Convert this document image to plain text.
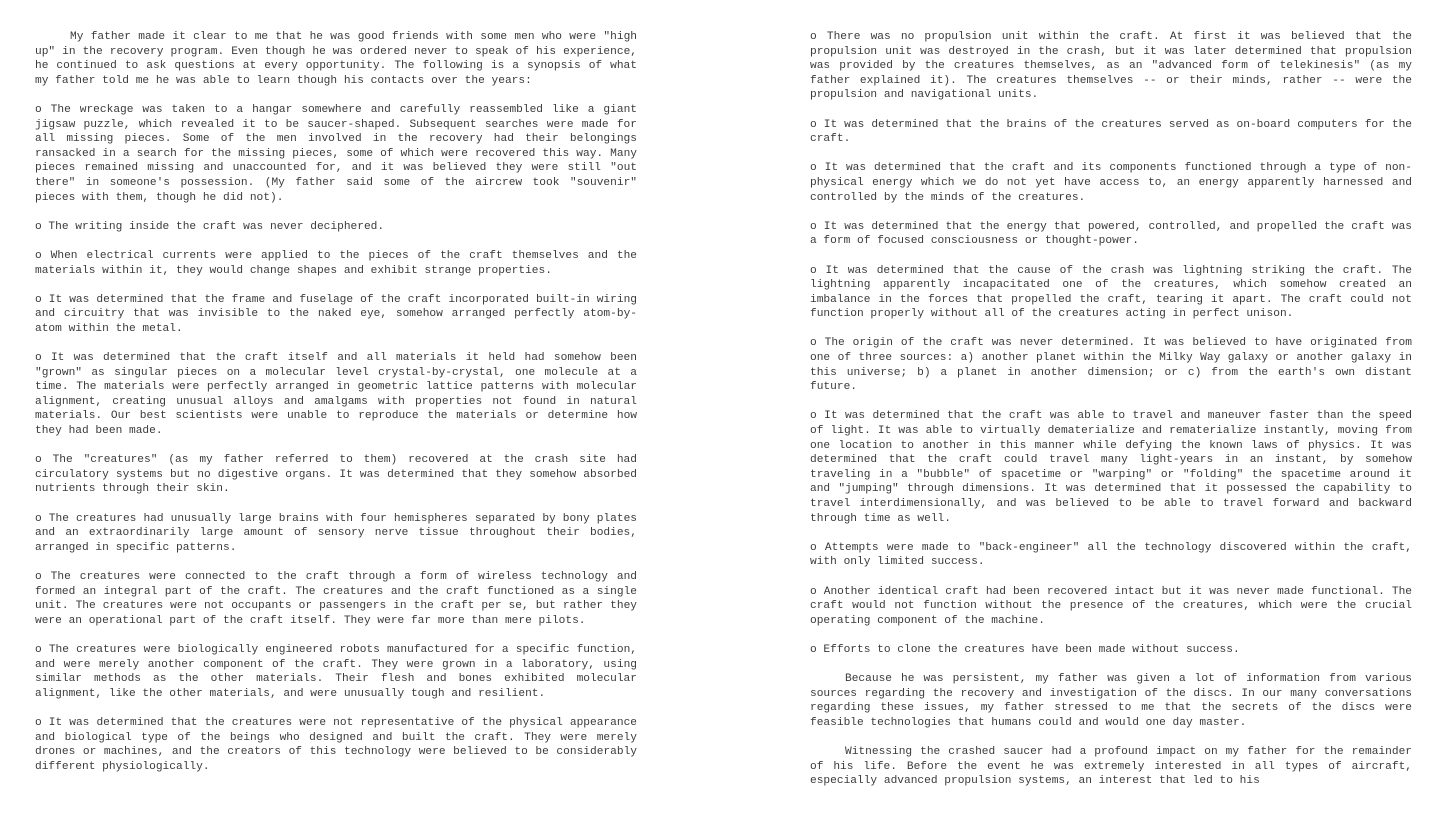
My father made it clear to me that he was good friends with some men who were "high up" in the recovery program. Even though he was ordered never to speak of his experience, he continued to ask questions at every opportunity. The following is a synopsis of what my father told me he was able to learn though his contacts over the years:

o The wreckage was taken to a hangar somewhere and carefully reassembled like a giant jigsaw puzzle, which revealed it to be saucer-shaped. Subsequent searches were made for all missing pieces. Some of the men involved in the recovery had their belongings ransacked in a search for the missing pieces, some of which were recovered this way. Many pieces remained missing and unaccounted for, and it was believed they were still "out there" in someone's possession. (My father said some of the aircrew took "souvenir" pieces with them, though he did not).

o The writing inside the craft was never deciphered.

o When electrical currents were applied to the pieces of the craft themselves and the materials within it, they would change shapes and exhibit strange properties.

o It was determined that the frame and fuselage of the craft incorporated built-in wiring and circuitry that was invisible to the naked eye, somehow arranged perfectly atom-by-atom within the metal.

o It was determined that the craft itself and all materials it held had somehow been "grown" as singular pieces on a molecular level crystal-by-crystal, one molecule at a time. The materials were perfectly arranged in geometric lattice patterns with molecular alignment, creating unusual alloys and amalgams with properties not found in natural materials. Our best scientists were unable to reproduce the materials or determine how they had been made.

o The "creatures" (as my father referred to them) recovered at the crash site had circulatory systems but no digestive organs. It was determined that they somehow absorbed nutrients through their skin.

o The creatures had unusually large brains with four hemispheres separated by bony plates and an extraordinarily large amount of sensory nerve tissue throughout their bodies, arranged in specific patterns.

o The creatures were connected to the craft through a form of wireless technology and formed an integral part of the craft. The creatures and the craft functioned as a single unit. The creatures were not occupants or passengers in the craft per se, but rather they were an operational part of the craft itself. They were far more than mere pilots.

o The creatures were biologically engineered robots manufactured for a specific function, and were merely another component of the craft. They were grown in a laboratory, using similar methods as the other materials. Their flesh and bones exhibited molecular alignment, like the other materials, and were unusually tough and resilient.

o It was determined that the creatures were not representative of the physical appearance and biological type of the beings who designed and built the craft. They were merely drones or machines, and the creators of this technology were believed to be considerably different physiologically.

o There was no propulsion unit within the craft. At first it was believed that the propulsion unit was destroyed in the crash, but it was later determined that propulsion was provided by the creatures themselves, as an "advanced form of telekinesis" (as my father explained it). The creatures themselves -- or their minds, rather -- were the propulsion and navigational units.

o It was determined that the brains of the creatures served as on-board computers for the craft.

o It was determined that the craft and its components functioned through a type of non-physical energy which we do not yet have access to, an energy apparently harnessed and controlled by the minds of the creatures.

o It was determined that the energy that powered, controlled, and propelled the craft was a form of focused consciousness or thought-power.

o It was determined that the cause of the crash was lightning striking the craft. The lightning apparently incapacitated one of the creatures, which somehow created an imbalance in the forces that propelled the craft, tearing it apart. The craft could not function properly without all of the creatures acting in perfect unison.

o The origin of the craft was never determined. It was believed to have originated from one of three sources: a) another planet within the Milky Way galaxy or another galaxy in this universe; b) a planet in another dimension; or c) from the earth's own distant future.

o It was determined that the craft was able to travel and maneuver faster than the speed of light. It was able to virtually dematerialize and rematerialize instantly, moving from one location to another in this manner while defying the known laws of physics. It was determined that the craft could travel many light-years in an instant, by somehow traveling in a "bubble" of spacetime or "warping" or "folding" the spacetime around it and "jumping" through dimensions. It was determined that it possessed the capability to travel interdimensionally, and was believed to be able to travel forward and backward through time as well.

o Attempts were made to "back-engineer" all the technology discovered within the craft, with only limited success.

o Another identical craft had been recovered intact but it was never made functional. The craft would not function without the presence of the creatures, which were the crucial operating component of the machine.

o Efforts to clone the creatures have been made without success.

Because he was persistent, my father was given a lot of information from various sources regarding the recovery and investigation of the discs. In our many conversations regarding these issues, my father stressed to me that the secrets of the discs were feasible technologies that humans could and would one day master.

Witnessing the crashed saucer had a profound impact on my father for the remainder of his life. Before the event he was extremely interested in all types of aircraft, especially advanced propulsion systems, an interest that led to his
